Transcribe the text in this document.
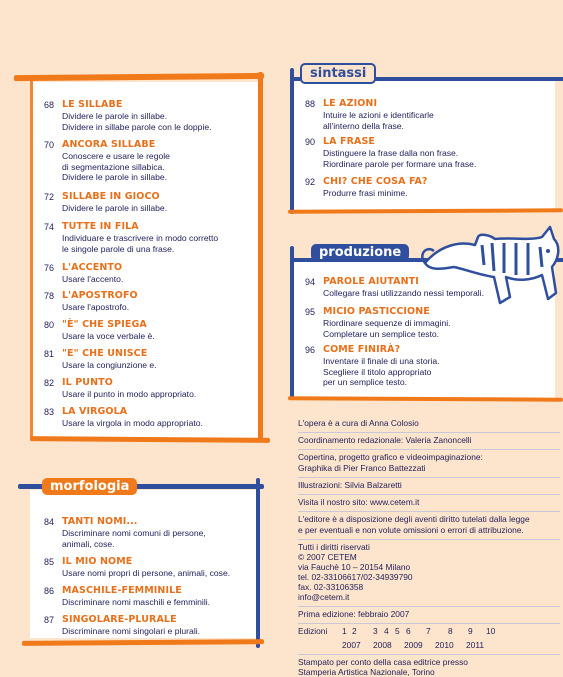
68 LE SILLABE
Dividere le parole in sillabe.
Dividere in sillabe parole con le doppie.
70 ANCORA SILLABE
Conoscere e usare le regole
di segmentazione sillabica.
Dividere le parole in sillabe.
72 SILLABE IN GIOCO
Dividere le parole in sillabe.
74 TUTTE IN FILA
Individuare e trascrivere in modo corretto
le singole parole di una frase.
76 L'ACCENTO
Usare l'accento.
78 L'APOSTROFO
Usare l'apostrofo.
80 "È" CHE SPIEGA
Usare la voce verbale è.
81 "E" CHE UNISCE
Usare la congiunzione e.
82 IL PUNTO
Usare il punto in modo appropriato.
83 LA VIRGOLA
Usare la virgola in modo appropriato.
sintassi
88 LE AZIONI
Intuire le azioni e identificarle
all'interno della frase.
90 LA FRASE
Distinguere la frase dalla non frase.
Riordinare parole per formare una frase.
92 CHI? CHE COSA FA?
Produrre frasi minime.
produzione
94 PAROLE AIUTANTI
Collegare frasi utilizzando nessi temporali.
95 MICIO PASTICCIONE
Riordinare sequenze di immagini.
Completare un semplice testo.
96 COME FINIRÀ?
Inventare il finale di una storia.
Scegliere il titolo appropriato
per un semplice testo.
morfologia
84 TANTI NOMI...
Discriminare nomi comuni di persone,
animali, cose.
85 IL MIO NOME
Usare nomi propri di persone, animali, cose.
86 MASCHILE-FEMMINILE
Discriminare nomi maschili e femminili.
87 SINGOLARE-PLURALE
Discriminare nomi singolari e plurali.
L'opera è a cura di Anna Colosio
Coordinamento redazionale: Valeria Zanoncelli
Copertina, progetto grafico e videoimpaginazione:
Graphika di Pier Franco Battezzati
Illustrazioni: Silvia Balzaretti
Visita il nostro sito: www.cetem.it
L'editore è a disposizione degli aventi diritto tutelati dalla legge
e per eventuali e non volute omissioni o errori di attribuzione.
Tutti i diritti riservati
© 2007 CETEM
via Fauchè 10 – 20154 Milano
tel. 02-33106617/02-34939790
fax. 02-33106358
info@cetem.it
Prima edizione: febbraio 2007
Edizioni 1 2 3 4 5 6 7 8 9 10
2007 2008 2009 2010 2011
Stampato per conto della casa editrice presso
Stamperia Artistica Nazionale, Torino
